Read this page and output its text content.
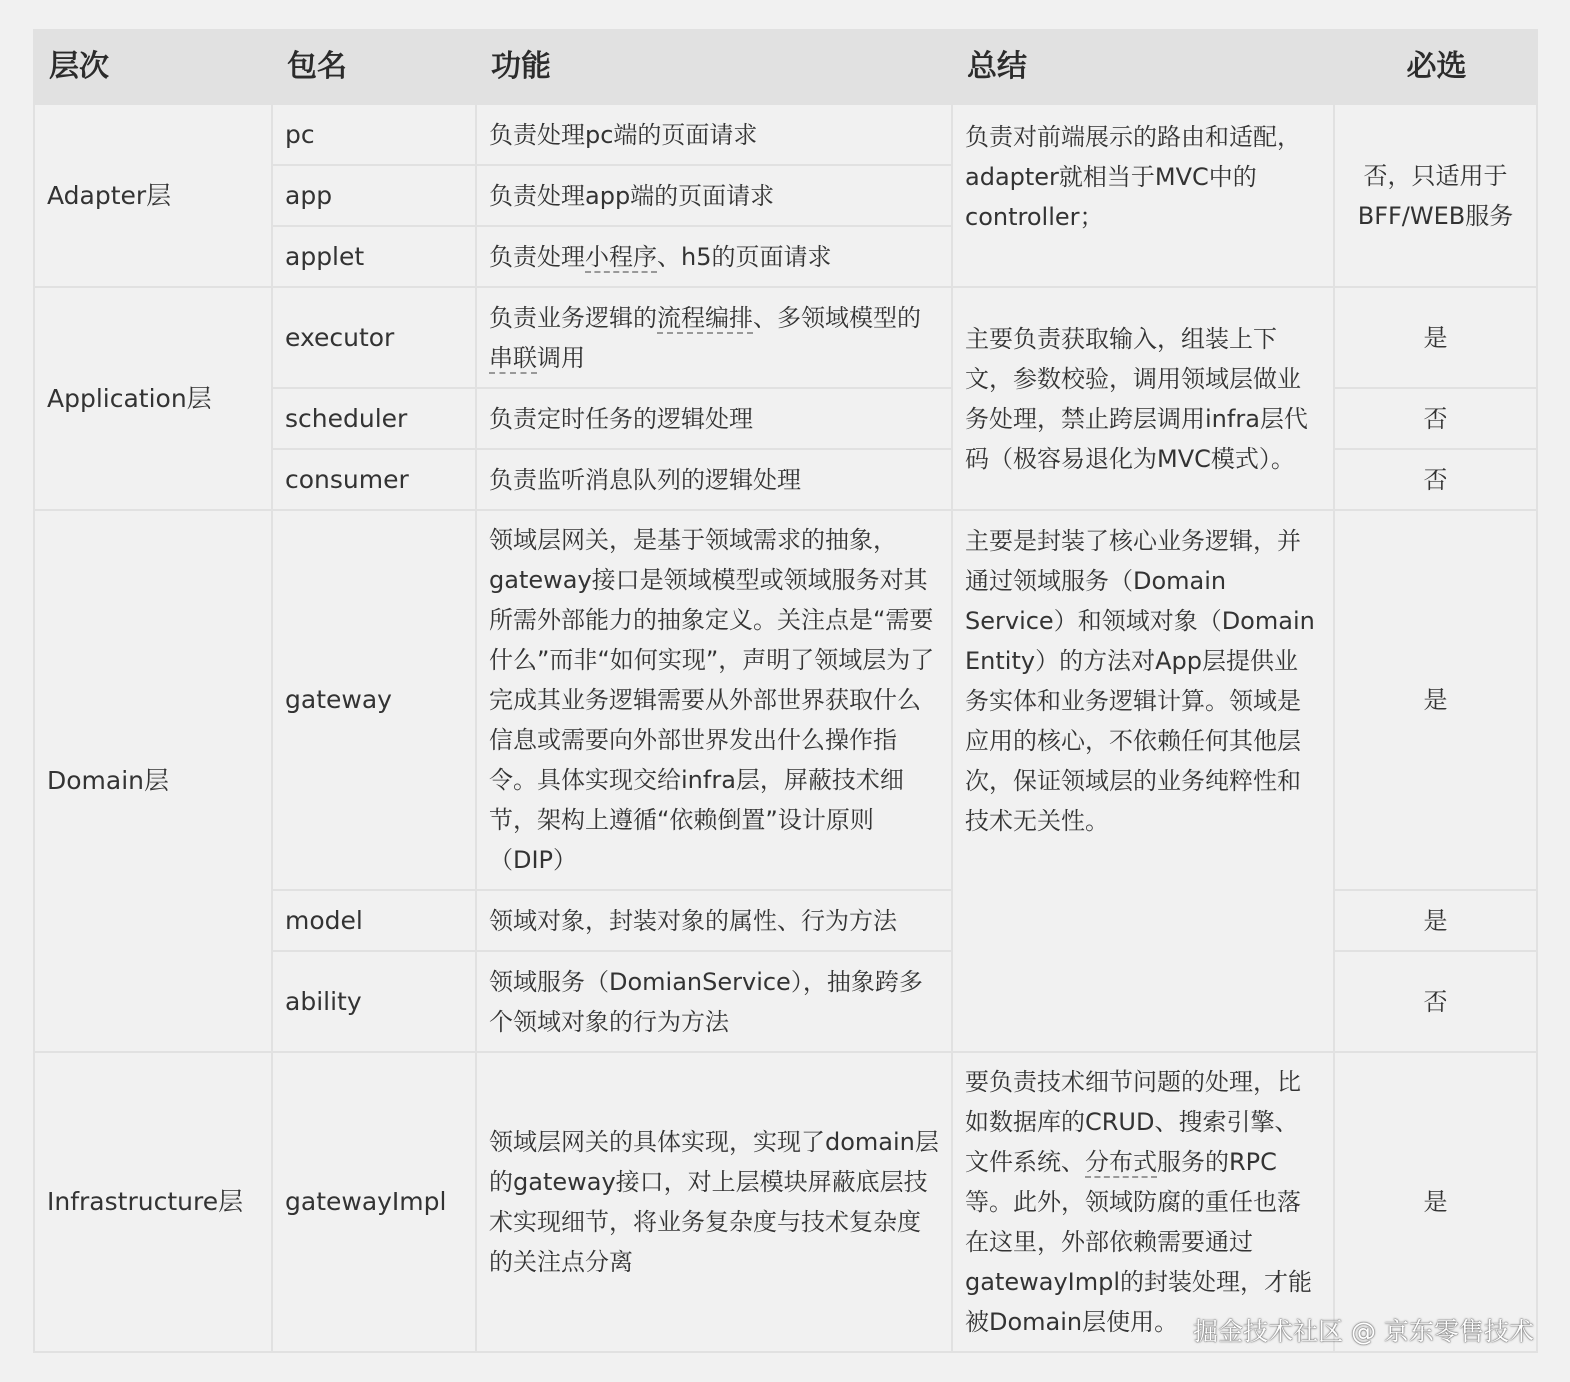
层次	包名	功能	总结	必选
Adapter层	pc	负责处理pc端的页面请求	负责对前端展示的路由和适配，adapter就相当于MVC中的controller；	否，只适用于BFF/WEB服务
	app	负责处理app端的页面请求		
	applet	负责处理小程序、h5的页面请求		
Application层	executor	负责业务逻辑的流程编排、多领域模型的串联调用	主要负责获取输入，组装上下文，参数校验，调用领域层做业务处理，禁止跨层调用infra层代码（极容易退化为MVC模式）。	是
	scheduler	负责定时任务的逻辑处理		否
	consumer	负责监听消息队列的逻辑处理		否
Domain层	gateway	领域层网关，是基于领域需求的抽象，gateway接口是领域模型或领域服务对其所需外部能力的抽象定义。关注点是“需要什么”而非“如何实现”，声明了领域层为了完成其业务逻辑需要从外部世界获取什么信息或需要向外部世界发出什么操作指令。具体实现交给infra层，屏蔽技术细节，架构上遵循“依赖倒置”设计原则（DIP）	主要是封装了核心业务逻辑，并通过领域服务（Domain Service）和领域对象（Domain Entity）的方法对App层提供业务实体和业务逻辑计算。领域是应用的核心，不依赖任何其他层次，保证领域层的业务纯粹性和技术无关性。	是
	model	领域对象，封装对象的属性、行为方法		是
	ability	领域服务（DomianService），抽象跨多个领域对象的行为方法		否
Infrastructure层	gatewayImpl	领域层网关的具体实现，实现了domain层的gateway接口，对上层模块屏蔽底层技术实现细节，将业务复杂度与技术复杂度的关注点分离	要负责技术细节问题的处理，比如数据库的CRUD、搜索引擎、文件系统、分布式服务的RPC等。此外，领域防腐的重任也落在这里，外部依赖需要通过gatewayImpl的封装处理，才能被Domain层使用。	是
掘金技术社区 @ 京东零售技术
